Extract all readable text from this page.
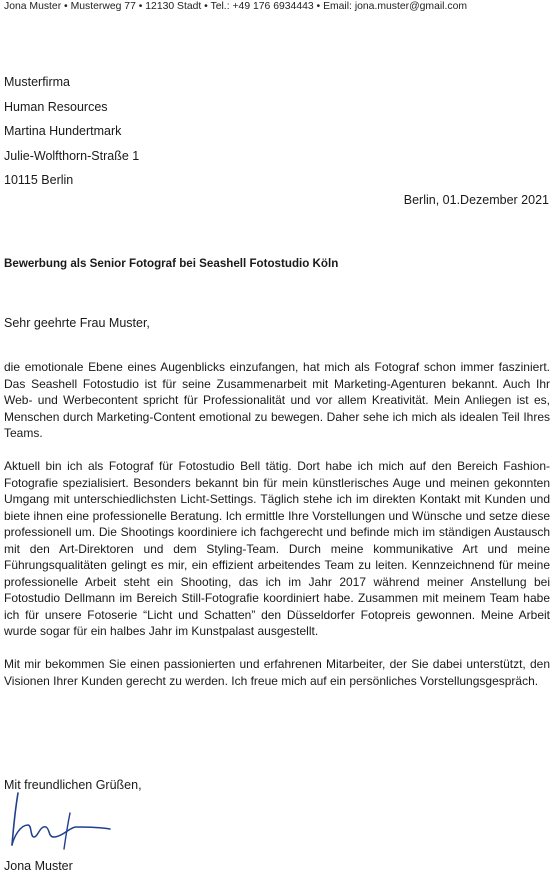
Jona Muster • Musterweg 77 • 12130 Stadt • Tel.: +49 176 6934443 • Email: jona.muster@gmail.com
Musterfirma
Human Resources
Martina Hundertmark
Julie-Wolfthorn-Straße 1
10115 Berlin
Berlin, 01.Dezember 2021
Bewerbung als Senior Fotograf bei Seashell Fotostudio Köln
Sehr geehrte Frau Muster,

die emotionale Ebene eines Augenblicks einzufangen, hat mich als Fotograf schon immer fasziniert. Das Seashell Fotostudio ist für seine Zusammenarbeit mit Marketing-Agenturen bekannt. Auch Ihr Web- und Werbecontent spricht für Professionalität und vor allem Kreativität. Mein Anliegen ist es, Menschen durch Marketing-Content emotional zu bewegen. Daher sehe ich mich als idealen Teil Ihres Teams.

Aktuell bin ich als Fotograf für Fotostudio Bell tätig. Dort habe ich mich auf den Bereich Fashion-Fotografie spezialisiert. Besonders bekannt bin für mein künstlerisches Auge und meinen gekonnten Umgang mit unterschiedlichsten Licht-Settings. Täglich stehe ich im direkten Kontakt mit Kunden und biete ihnen eine professionelle Beratung. Ich ermittle Ihre Vorstellungen und Wünsche und setze diese professionell um. Die Shootings koordiniere ich fachgerecht und befinde mich im ständigen Austausch mit den Art-Direktoren und dem Styling-Team. Durch meine kommunikative Art und meine Führungsqualitäten gelingt es mir, ein effizient arbeitendes Team zu leiten. Kennzeichnend für meine professionelle Arbeit steht ein Shooting, das ich im Jahr 2017 während meiner Anstellung bei Fotostudio Dellmann im Bereich Still-Fotografie koordiniert habe. Zusammen mit meinem Team habe ich für unsere Fotoserie “Licht und Schatten” den Düsseldorfer Fotopreis gewonnen. Meine Arbeit wurde sogar für ein halbes Jahr im Kunstpalast ausgestellt.

Mit mir bekommen Sie einen passionierten und erfahrenen Mitarbeiter, der Sie dabei unterstützt, den Visionen Ihrer Kunden gerecht zu werden. Ich freue mich auf ein persönliches Vorstellungsgespräch.

Mit freundlichen Grüßen,
Jona Muster
